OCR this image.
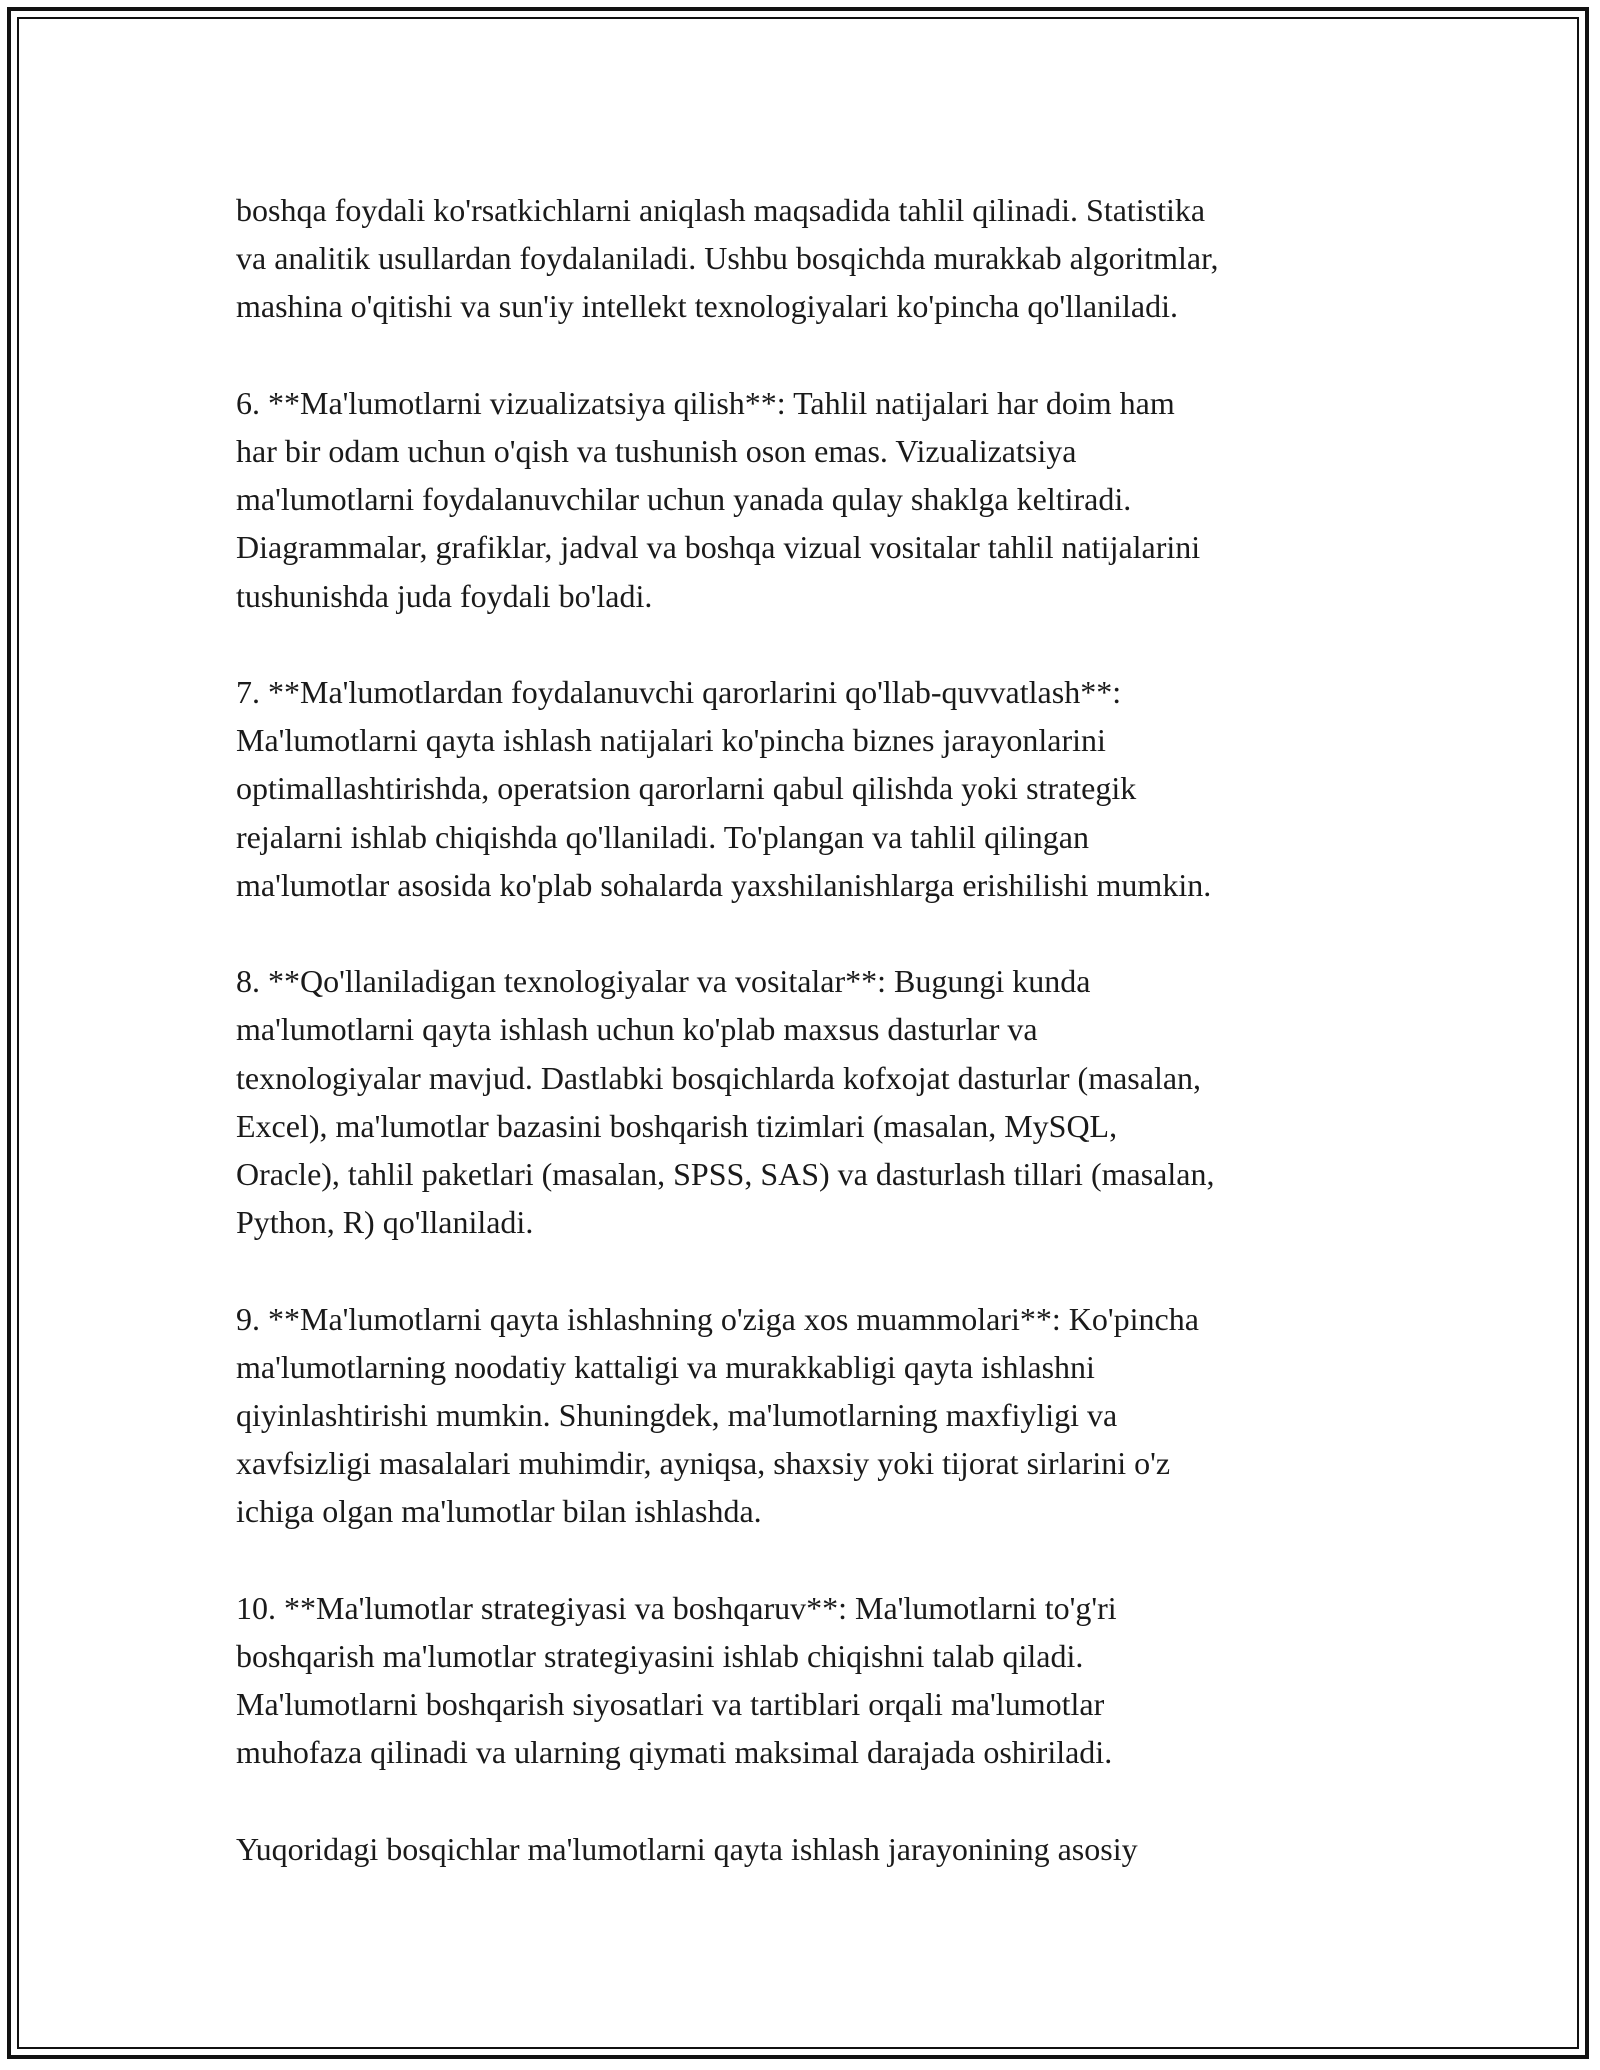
boshqa foydali ko'rsatkichlarni aniqlash maqsadida tahlil qilinadi. Statistika
va analitik usullardan foydalaniladi. Ushbu bosqichda murakkab algoritmlar,
mashina o'qitishi va sun'iy intellekt texnologiyalari ko'pincha qo'llaniladi.

6. **Ma'lumotlarni vizualizatsiya qilish**: Tahlil natijalari har doim ham
har bir odam uchun o'qish va tushunish oson emas. Vizualizatsiya
ma'lumotlarni foydalanuvchilar uchun yanada qulay shaklga keltiradi.
Diagrammalar, grafiklar, jadval va boshqa vizual vositalar tahlil natijalarini
tushunishda juda foydali bo'ladi.

7. **Ma'lumotlardan foydalanuvchi qarorlarini qo'llab-quvvatlash**:
Ma'lumotlarni qayta ishlash natijalari ko'pincha biznes jarayonlarini
optimallashtirishda, operatsion qarorlarni qabul qilishda yoki strategik
rejalarni ishlab chiqishda qo'llaniladi. To'plangan va tahlil qilingan
ma'lumotlar asosida ko'plab sohalarda yaxshilanishlarga erishilishi mumkin.

8. **Qo'llaniladigan texnologiyalar va vositalar**: Bugungi kunda
ma'lumotlarni qayta ishlash uchun ko'plab maxsus dasturlar va
texnologiyalar mavjud. Dastlabki bosqichlarda kofxojat dasturlar (masalan,
Excel), ma'lumotlar bazasini boshqarish tizimlari (masalan, MySQL,
Oracle), tahlil paketlari (masalan, SPSS, SAS) va dasturlash tillari (masalan,
Python, R) qo'llaniladi.

9. **Ma'lumotlarni qayta ishlashning o'ziga xos muammolari**: Ko'pincha
ma'lumotlarning noodatiy kattaligi va murakkabligi qayta ishlashni
qiyinlashtirishi mumkin. Shuningdek, ma'lumotlarning maxfiyligi va
xavfsizligi masalalari muhimdir, ayniqsa, shaxsiy yoki tijorat sirlarini o'z
ichiga olgan ma'lumotlar bilan ishlashda.

10. **Ma'lumotlar strategiyasi va boshqaruv**: Ma'lumotlarni to'g'ri
boshqarish ma'lumotlar strategiyasini ishlab chiqishni talab qiladi.
Ma'lumotlarni boshqarish siyosatlari va tartiblari orqali ma'lumotlar
muhofaza qilinadi va ularning qiymati maksimal darajada oshiriladi.

Yuqoridagi bosqichlar ma'lumotlarni qayta ishlash jarayonining asosiy
